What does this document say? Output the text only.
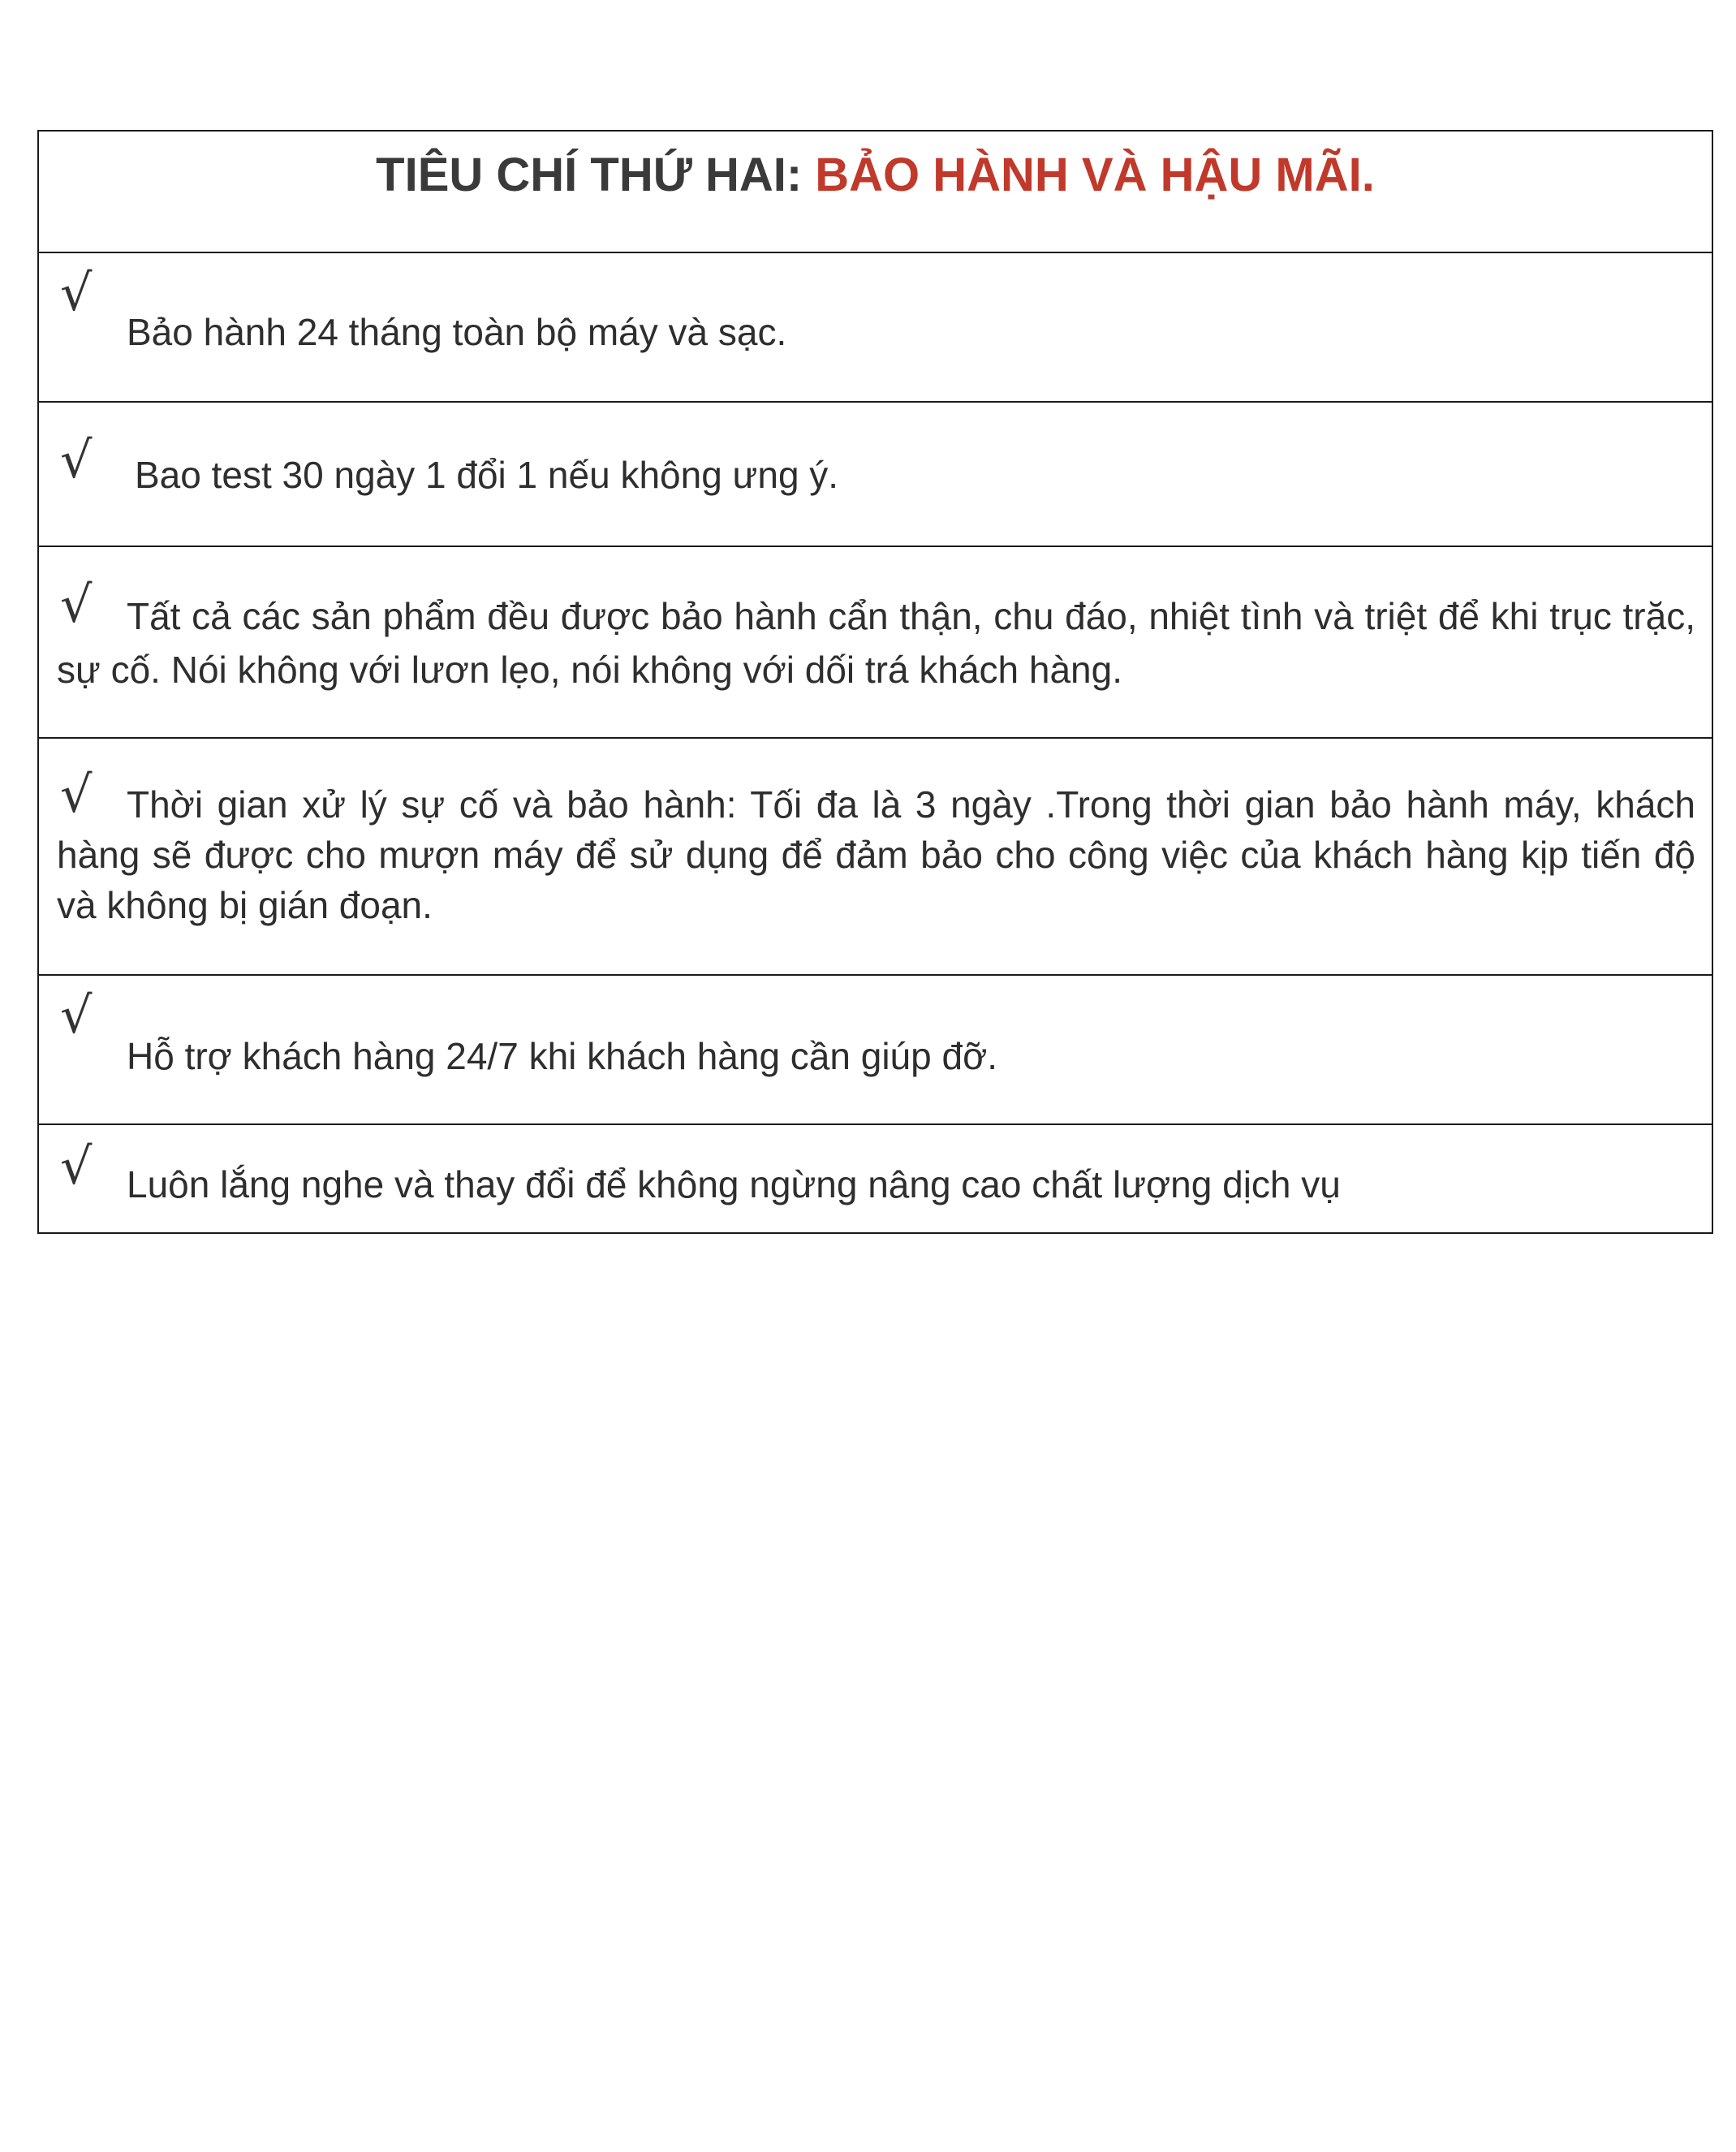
TIÊU CHÍ THỨ HAI: BẢO HÀNH VÀ HẬU MÃI.
√
Bảo hành 24 tháng toàn bộ máy và sạc.
√ Bao test 30 ngày 1 đổi 1 nếu không ưng ý.
√ Tất cả các sản phẩm đều được bảo hành cẩn thận, chu đáo, nhiệt tình và triệt để khi trục trặc, sự cố. Nói không với lươn lẹo, nói không với dối trá khách hàng.
√ Thời gian xử lý sự cố và bảo hành: Tối đa là 3 ngày .Trong thời gian bảo hành máy, khách hàng sẽ được cho mượn máy để sử dụng để đảm bảo cho công việc của khách hàng kịp tiến độ và không bị gián đoạn.
√
Hỗ trợ khách hàng 24/7 khi khách hàng cần giúp đỡ.
√ Luôn lắng nghe và thay đổi để không ngừng nâng cao chất lượng dịch vụ
